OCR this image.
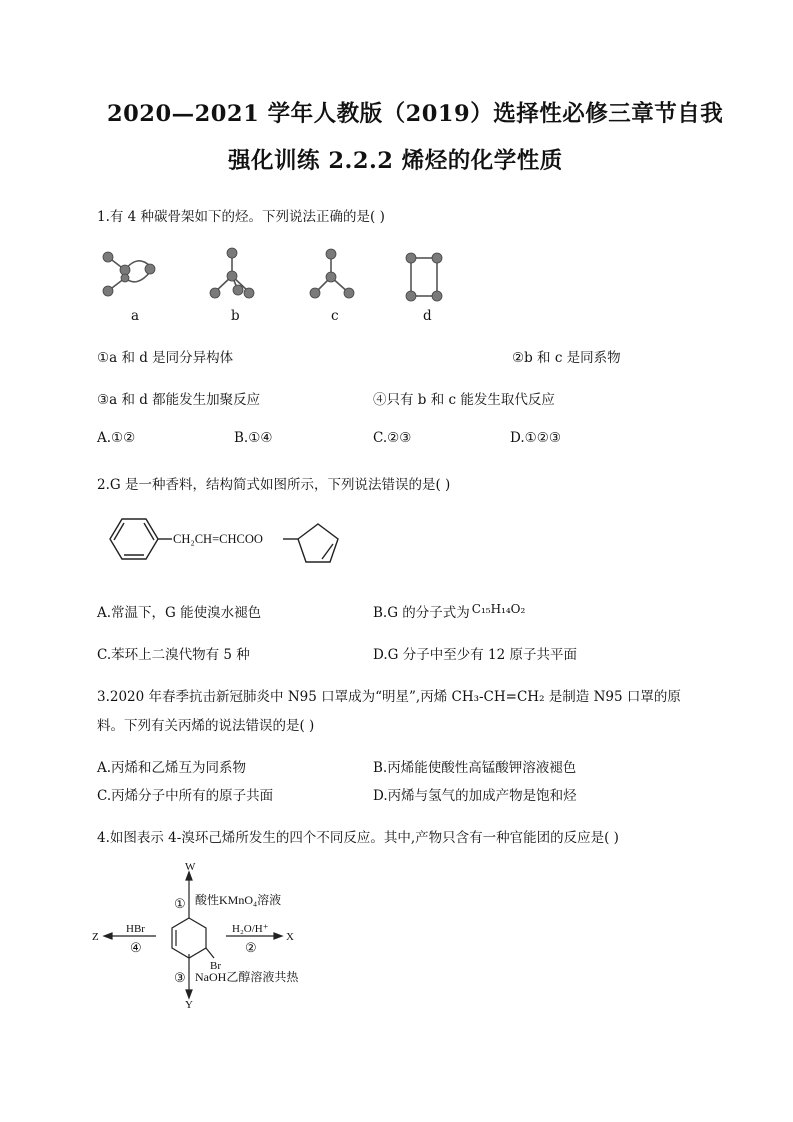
2020—2021 学年人教版（2019）选择性必修三章节自我
强化训练 2.2.2 烯烃的化学性质
1.有 4 种碳骨架如下的烃。下列说法正确的是( )
a	b	c	d
①a 和 d 是同分异构体	②b 和 c 是同系物
③a 和 d 都能发生加聚反应	④只有 b 和 c 能发生取代反应
A.①②	B.①④	C.②③	D.①②③
2.G 是一种香料，结构简式如图所示，下列说法错误的是( )
CH₂CH=CHCOO
A.常温下，G 能使溴水褪色	B.G 的分子式为 C₁₅H₁₄O₂
C.苯环上二溴代物有 5 种	D.G 分子中至少有 12 原子共平面
3.2020 年春季抗击新冠肺炎中 N95 口罩成为“明星”,丙烯 CH₃-CH=CH₂ 是制造 N95 口罩的原
料。下列有关丙烯的说法错误的是( )
A.丙烯和乙烯互为同系物	B.丙烯能使酸性高锰酸钾溶液褪色
C.丙烯分子中所有的原子共面	D.丙烯与氢气的加成产物是饱和烃
4.如图表示 4-溴环己烯所发生的四个不同反应。其中,产物只含有一种官能团的反应是( )
W
X
Z
Y
Br
① 酸性KMnO₄溶液
H₂O/H⁺
②
③ NaOH乙醇溶液共热
HBr
④
